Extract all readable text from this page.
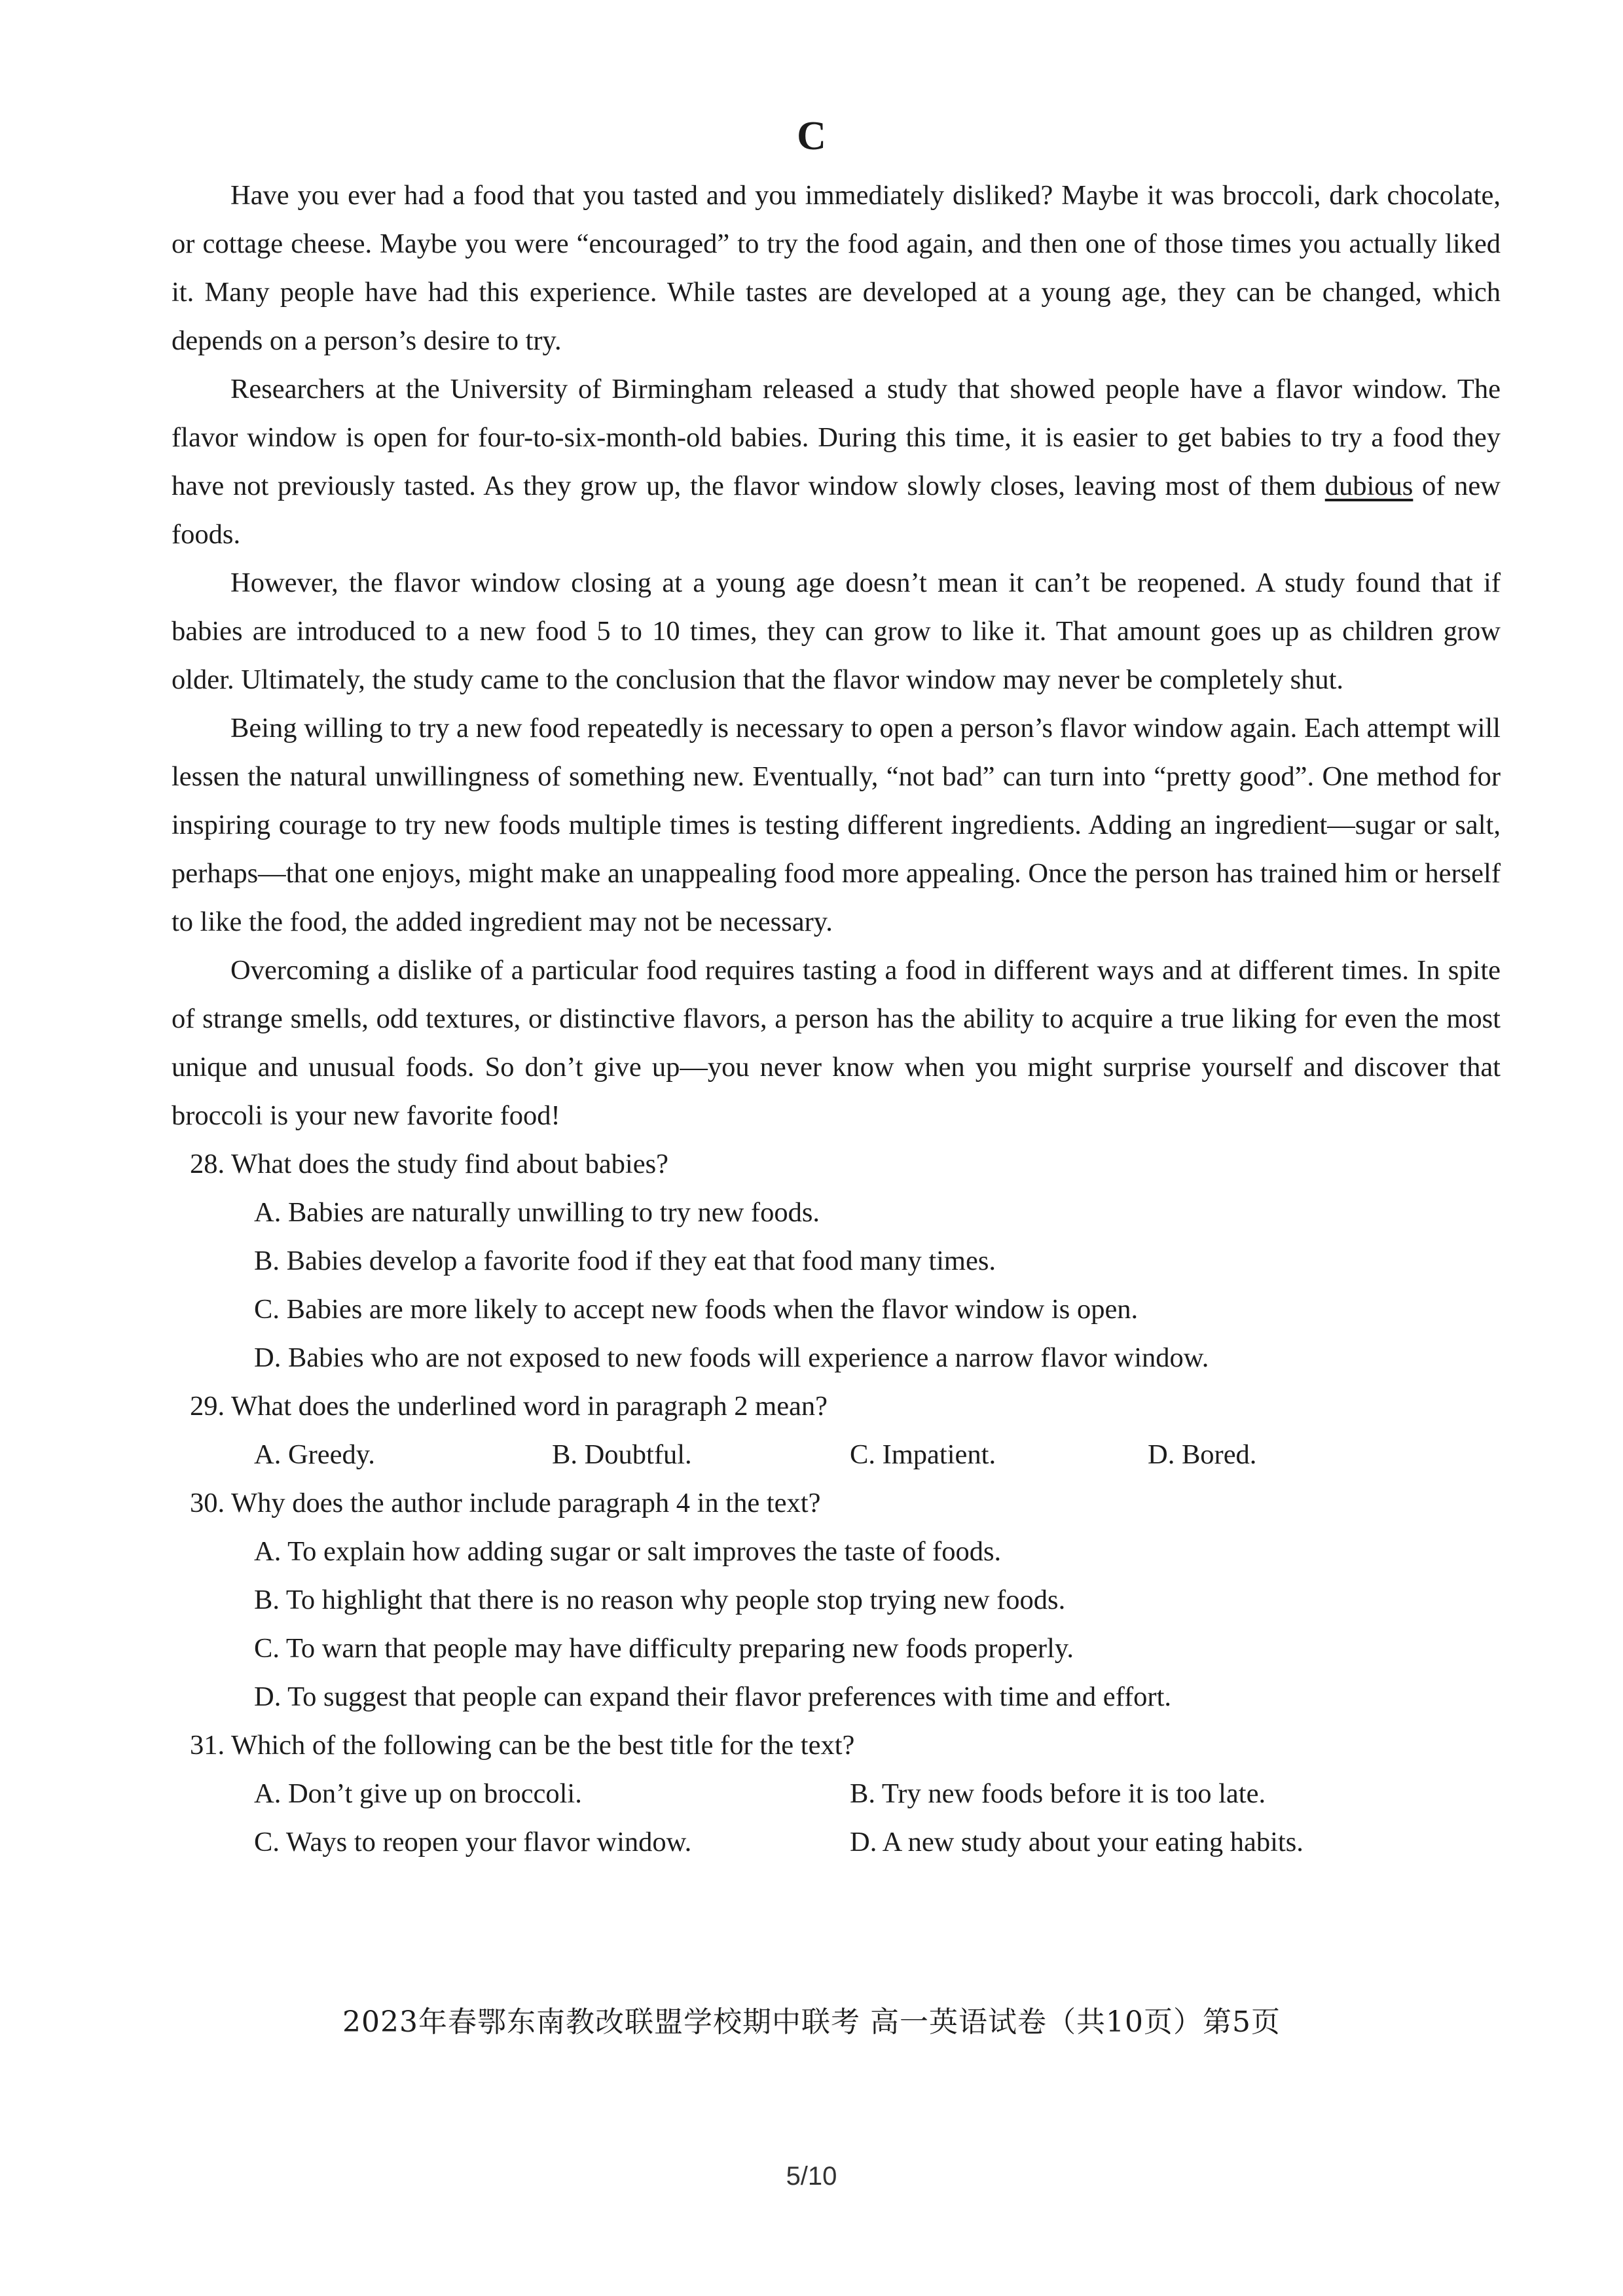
C

Have you ever had a food that you tasted and you immediately disliked? Maybe it was broccoli, dark chocolate, or cottage cheese. Maybe you were “encouraged” to try the food again, and then one of those times you actually liked it. Many people have had this experience. While tastes are developed at a young age, they can be changed, which depends on a person’s desire to try.

Researchers at the University of Birmingham released a study that showed people have a flavor window. The flavor window is open for four-to-six-month-old babies. During this time, it is easier to get babies to try a food they have not previously tasted. As they grow up, the flavor window slowly closes, leaving most of them dubious of new foods.

However, the flavor window closing at a young age doesn’t mean it can’t be reopened. A study found that if babies are introduced to a new food 5 to 10 times, they can grow to like it. That amount goes up as children grow older. Ultimately, the study came to the conclusion that the flavor window may never be completely shut.

Being willing to try a new food repeatedly is necessary to open a person’s flavor window again. Each attempt will lessen the natural unwillingness of something new. Eventually, “not bad” can turn into “pretty good”. One method for inspiring courage to try new foods multiple times is testing different ingredients. Adding an ingredient—sugar or salt, perhaps—that one enjoys, might make an unappealing food more appealing. Once the person has trained him or herself to like the food, the added ingredient may not be necessary.

Overcoming a dislike of a particular food requires tasting a food in different ways and at different times. In spite of strange smells, odd textures, or distinctive flavors, a person has the ability to acquire a true liking for even the most unique and unusual foods. So don’t give up—you never know when you might surprise yourself and discover that broccoli is your new favorite food!

28. What does the study find about babies?

A. Babies are naturally unwilling to try new foods.

B. Babies develop a favorite food if they eat that food many times.

C. Babies are more likely to accept new foods when the flavor window is open.

D. Babies who are not exposed to new foods will experience a narrow flavor window.

29. What does the underlined word in paragraph 2 mean?

A. Greedy.	B. Doubtful.	C. Impatient.	D. Bored.

30. Why does the author include paragraph 4 in the text?

A. To explain how adding sugar or salt improves the taste of foods.

B. To highlight that there is no reason why people stop trying new foods.

C. To warn that people may have difficulty preparing new foods properly.

D. To suggest that people can expand their flavor preferences with time and effort.

31. Which of the following can be the best title for the text?

A. Don’t give up on broccoli.	B. Try new foods before it is too late.
C. Ways to reopen your flavor window.	D. A new study about your eating habits.
2023年春鄂东南教改联盟学校期中联考 高一英语试卷（共10页）第5页
5/10
